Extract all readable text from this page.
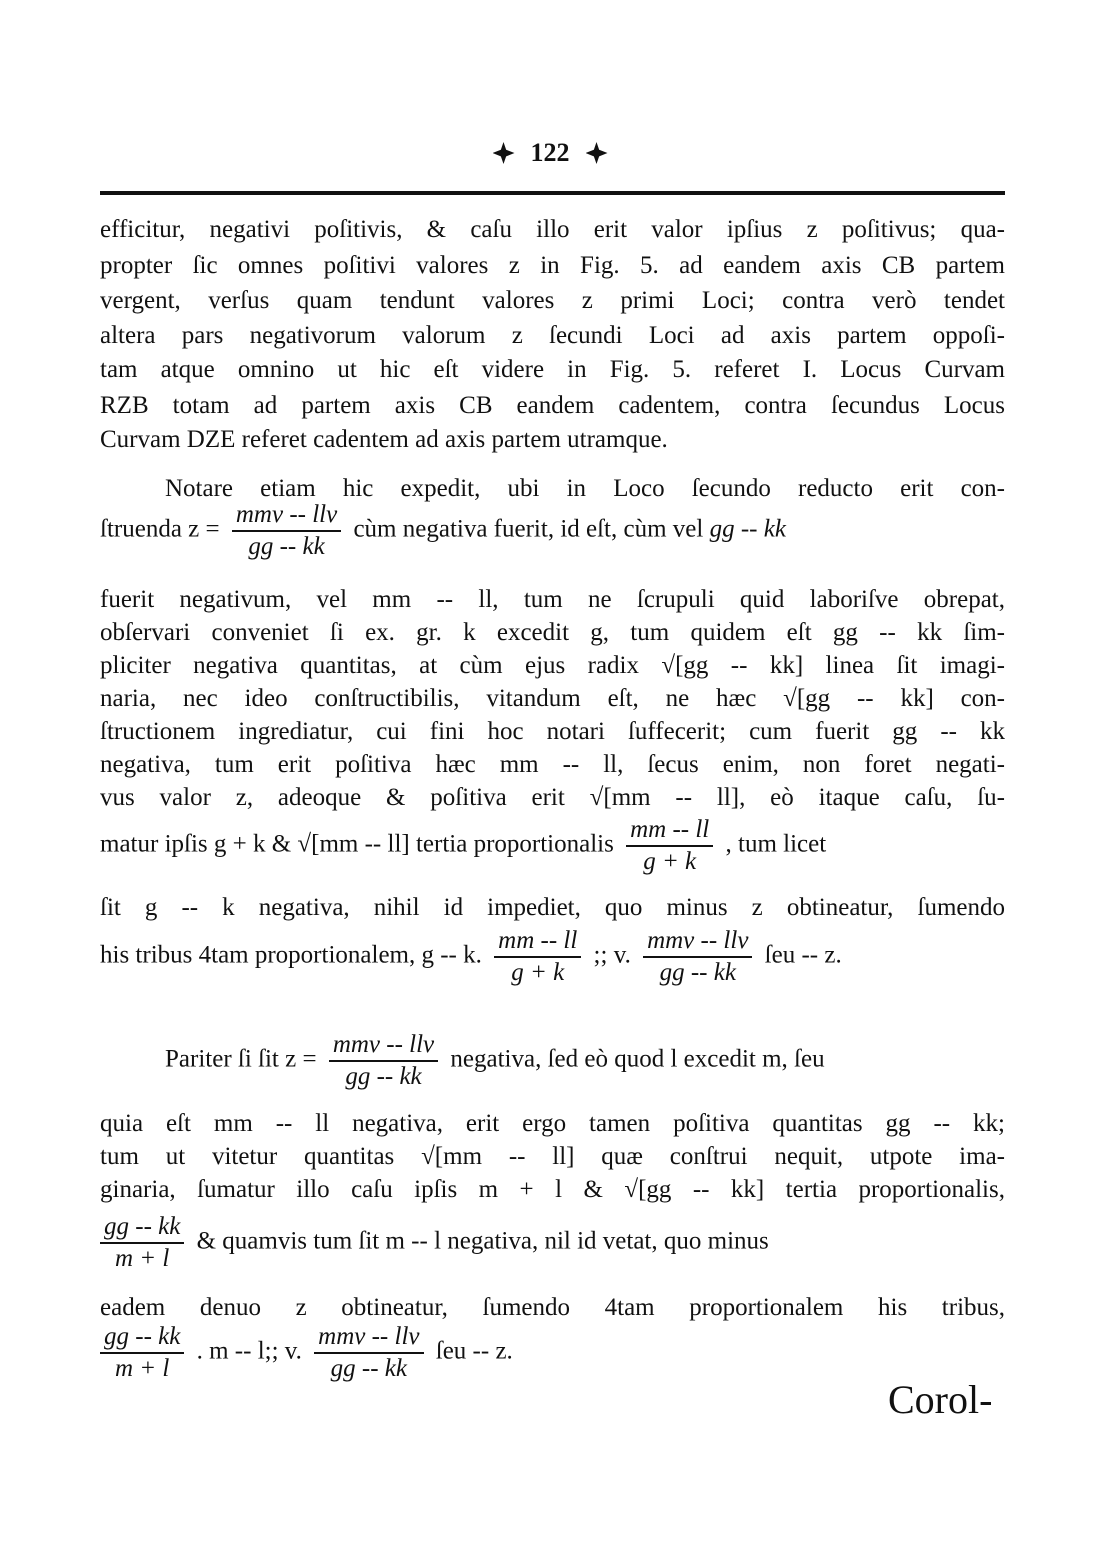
122
efficitur, negativi poſitivis, & caſu illo erit valor ipſius z poſitivus; qua-
propter ſic omnes poſitivi valores z in Fig. 5. ad eandem axis CB partem
vergent, verſus quam tendunt valores z primi Loci; contra verò tendet
altera pars negativorum valorum z ſecundi Loci ad axis partem oppoſi-
tam atque omnino ut hic eſt videre in Fig. 5. referet I. Locus Curvam
RZB totam ad partem axis CB eandem cadentem, contra ſecundus Locus
Curvam DZE referet cadentem ad axis partem utramque.
Notare etiam hic expedit, ubi in Loco ſecundo reducto erit con-
ſtruenda $z = \frac{\text{mmv -- llv}}{gg -- kk}$ cùm negativa fuerit, id eſt, cùm vel gg -- kk
fuerit negativum, vel mm -- ll, tum ne ſcrupuli quid laboriſve obrepat,
obſervari conveniet ſi ex. gr. k excedit g, tum quidem eſt gg -- kk ſim-
pliciter negativa quantitas, at cùm ejus radix √[gg -- kk] linea ſit imagi-
naria, nec ideo conſtructibilis, vitandum eſt, ne hæc √[gg -- kk] con-
ſtructionem ingrediatur, cui fini hoc notari ſuffecerit; cum fuerit gg -- kk
negativa, tum erit poſitiva hæc mm -- ll, ſecus enim, non foret negati-
vus valor z, adeoque & poſitiva erit √[mm -- ll], eò itaque caſu, ſu-
matur ipſis g + k & √[mm -- ll] tertia proportionalis $\frac{mm -- ll}{g + k}$ , tum licet
ſit g -- k negativa, nihil id impediet, quo minus z obtineatur, ſumendo
his tribus 4tam proportionalem, g -- k. $\frac{mm -- ll}{g + k}$ ;; v. $\frac{\text{mmv -- llv}}{gg -- kk}$ ſeu -- z.
Pariter ſi ſit $z = \frac{\text{mmv -- llv}}{gg -- kk}$ negativa, ſed eò quod l excedit m, ſeu
quia eſt mm -- ll negativa, erit ergo tamen poſitiva quantitas gg -- kk;
tum ut vitetur quantitas √[mm -- ll] quæ conſtrui nequit, utpote ima-
ginaria, ſumatur illo caſu ipſis m + l & √[gg -- kk] tertia proportionalis,
$\frac{gg -- kk}{m + l}$ & quamvis tum ſit m -- l negativa, nil id vetat, quo minus
eadem denuo z obtineatur, ſumendo 4tam proportionalem his tribus,
$\frac{gg -- kk}{m + l}$ . m -- l;; v. $\frac{\text{mmv -- llv}}{gg -- kk}$ ſeu -- z.
Corol-
